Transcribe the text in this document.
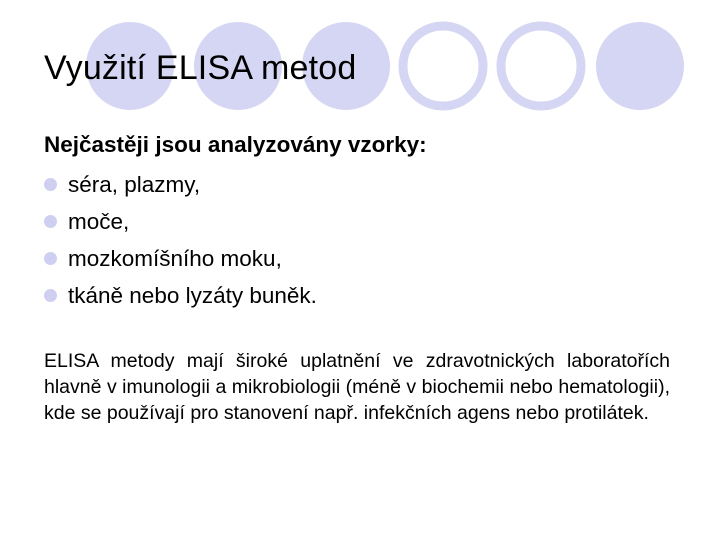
Využití ELISA metod

Nejčastěji jsou analyzovány vzorky:

séra, plazmy,
moče,
mozkomíšního moku,
tkáně nebo lyzáty buněk.

ELISA metody mají široké uplatnění ve zdravotnických laboratořích hlavně v imunologii a mikrobiologii (méně v biochemii nebo hematologii), kde se používají pro stanovení např. infekčních agens nebo protilátek.
